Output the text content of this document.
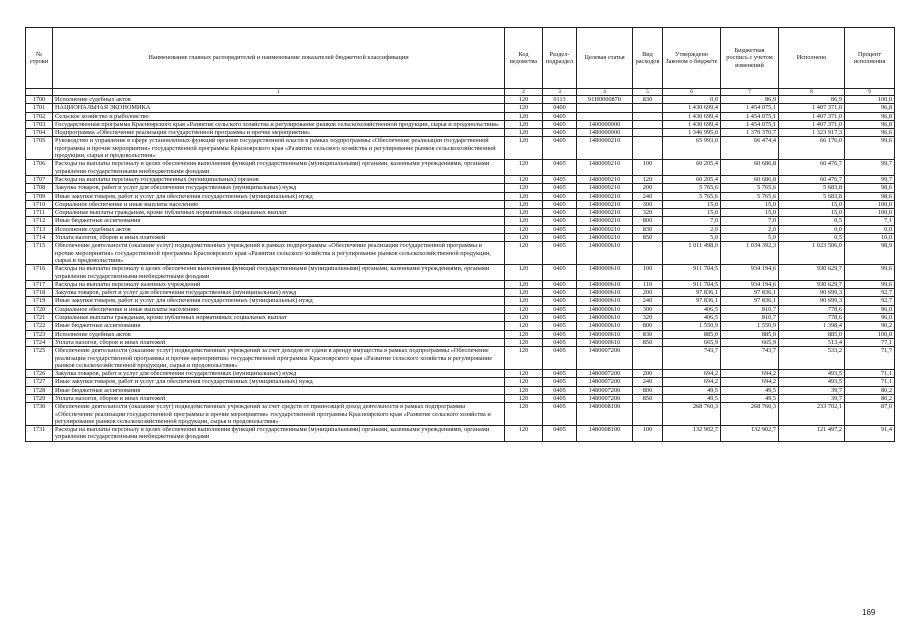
№ строки	Наименование главных распорядителей и наименование показателей бюджетной классификации	Код ведомства	Раздел-подраздел	Целевая статья	Вид расходов	Утверждено Законом о бюджете	Бюджетная роспись с учетом изменений	Исполнено	Процент исполнения
	1	2	3	4	5	6	7	8	9
1700	Исполнение судебных актов	120	0113	91Н0000870	830	0,0	86,9	86,9	100,0
1701	НАЦИОНАЛЬНАЯ ЭКОНОМИКА	120	0400			1 430 699,4	1 454 075,1	1 407 371,0	96,8
1702	Сельское хозяйство и рыболовство	120	0405			1 430 699,4	1 454 075,1	1 407 371,0	96,8
1703	Государственная программа Красноярского края «Развитие сельского хозяйства и регулирование рынков сельскохозяйственной продукции, сырья и продовольствия»	120	0405	1400000000		1 430 699,4	1 454 075,1	1 407 371,0	96,8
1704	Подпрограмма «Обеспечение реализации государственной программы и прочие мероприятия»	120	0405	1480000000		1 346 995,0	1 370 370,7	1 323 917,3	96,6
1705	Руководство и управление в сфере установленных функций органов государственной власти в рамках подпрограммы «Обеспечение реализации государственной программы и прочие мероприятия» государственной программы Красноярского края «Развитие сельского хозяйства и регулирование рынков сельскохозяйственной продукции, сырья и продовольствия»	120	0405	1480000210		65 993,0	66 474,4	66 176,0	99,6
1706	Расходы на выплаты персоналу в целях обеспечения выполнения функций государственными (муниципальными) органами, казенными учреждениями, органами управления государственными внебюджетными фондами	120	0405	1480000210	100	60 205,4	60 686,8	60 476,7	99,7
1707	Расходы на выплаты персоналу государственных (муниципальных) органов	120	0405	1480000210	120	60 205,4	60 686,8	60 476,7	99,7
1708	Закупка товаров, работ и услуг для обеспечения государственных (муниципальных) нужд	120	0405	1480000210	200	5 765,6	5 765,6	5 683,8	98,6
1709	Иные закупки товаров, работ и услуг для обеспечения государственных (муниципальных) нужд	120	0405	1480000210	240	5 765,6	5 765,6	5 683,8	98,6
1710	Социальное обеспечение и иные выплаты населению	120	0405	1480000210	300	15,0	15,0	15,0	100,0
1711	Социальные выплаты гражданам, кроме публичных нормативных социальных выплат	120	0405	1480000210	320	15,0	15,0	15,0	100,0
1712	Иные бюджетные ассигнования	120	0405	1480000210	800	7,0	7,0	0,5	7,1
1713	Исполнение судебных актов	120	0405	1480000210	830	2,0	2,0	0,0	0,0
1714	Уплата налогов, сборов и иных платежей	120	0405	1480000210	850	5,0	5,0	0,5	10,0
1715	Обеспечение деятельности (оказание услуг) подведомственных учреждений в рамках подпрограммы «Обеспечение реализации государственной программы и прочие мероприятия» государственной программы Красноярского края «Развитие сельского хозяйства и регулирование рынков сельскохозяйственной продукции, сырья и продовольствия»	120	0405	1480000610		1 011 498,0	1 034 392,3	1 023 506,0	98,9
1716	Расходы на выплаты персоналу в целях обеспечения выполнения функций государственными (муниципальными) органами, казенными учреждениями, органами управления государственными внебюджетными фондами	120	0405	1480000610	100	911 704,5	934 194,6	930 629,7	99,6
1717	Расходы на выплаты персоналу казенных учреждений	120	0405	1480000610	110	911 704,5	934 194,6	930 629,7	99,6
1718	Закупка товаров, работ и услуг для обеспечения государственных (муниципальных) нужд	120	0405	1480000610	200	97 836,1	97 836,1	90 699,3	92,7
1719	Иные закупки товаров, работ и услуг для обеспечения государственных (муниципальных) нужд	120	0405	1480000610	240	97 836,1	97 836,1	90 699,3	92,7
1720	Социальное обеспечение и иные выплаты населению	120	0405	1480000610	300	406,5	810,7	778,6	96,0
1721	Социальные выплаты гражданам, кроме публичных нормативных социальных выплат	120	0405	1480000610	320	406,5	810,7	778,6	96,0
1722	Иные бюджетные ассигнования	120	0405	1480000610	800	1 550,9	1 550,9	1 398,4	90,2
1723	Исполнение судебных актов	120	0405	1480000610	830	885,0	885,0	885,0	100,0
1724	Уплата налогов, сборов и иных платежей	120	0405	1480000610	850	665,9	665,9	513,4	77,1
1725	Обеспечение деятельности (оказание услуг) подведомственных учреждений за счет доходов от сдачи в аренду имущества в рамках подпрограммы «Обеспечение реализации государственной программы и прочие мероприятия» государственной программы Красноярского края «Развитие сельского хозяйства и регулирование рынков сельскохозяйственной продукции, сырья и продовольствия»	120	0405	1480007200		743,7	743,7	533,2	71,7
1726	Закупка товаров, работ и услуг для обеспечения государственных (муниципальных) нужд	120	0405	1480007200	200	694,2	694,2	493,5	71,1
1727	Иные закупки товаров, работ и услуг для обеспечения государственных (муниципальных) нужд	120	0405	1480007200	240	694,2	694,2	493,5	71,1
1728	Иные бюджетные ассигнования	120	0405	1480007200	800	49,5	49,5	39,7	80,2
1729	Уплата налогов, сборов и иных платежей	120	0405	1480007200	850	49,5	49,5	39,7	80,2
1730	Обеспечение деятельности (оказание услуг) подведомственных учреждений за счет средств от приносящей доход деятельности в рамках подпрограммы «Обеспечение реализации государственной программы и прочие мероприятия» государственной программы Красноярского края «Развитие сельского хозяйства и регулирование рынков сельскохозяйственной продукции, сырья и продовольствия»	120	0405	1480008100		268 760,3	268 760,3	233 702,1	87,0
1731	Расходы на выплаты персоналу в целях обеспечения выполнения функций государственными (муниципальными) органами, казенными учреждениями, органами управления государственными внебюджетными фондами	120	0405	1480008100	100	132 902,7	132 902,7	121 497,2	91,4
169
